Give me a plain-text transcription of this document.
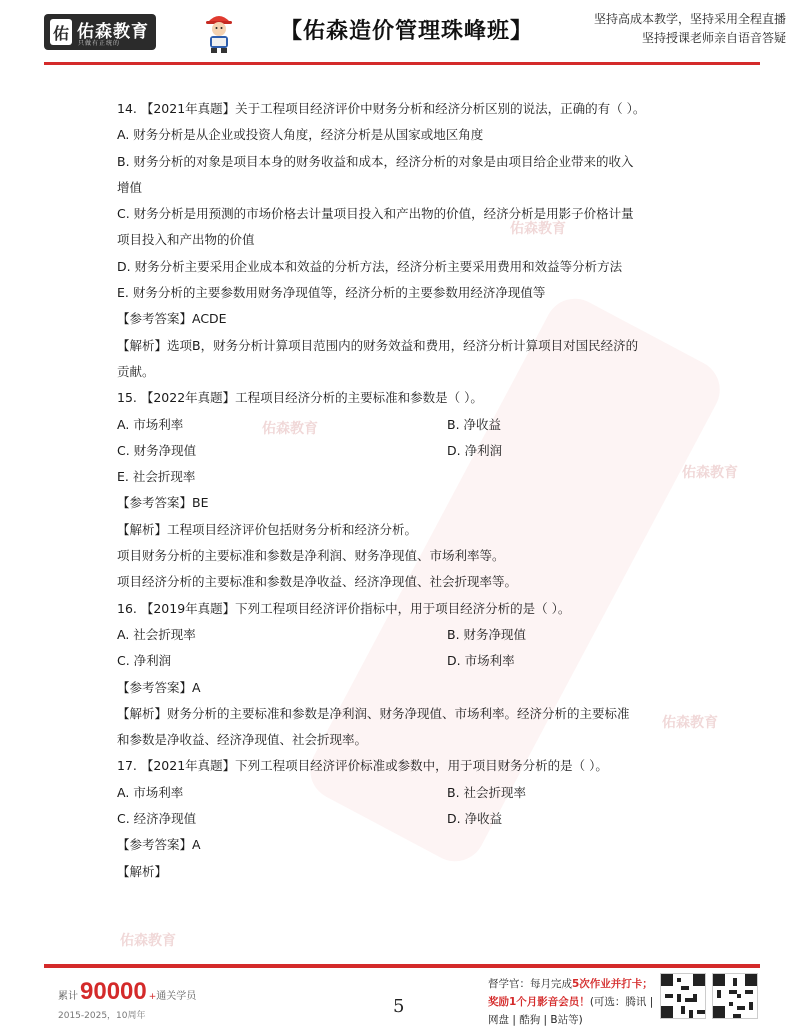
佑 佑森教育
只做有正统的	【佑森造价管理珠峰班】	坚持高成本教学，坚持采用全程直播
坚持授课老师亲自语音答疑
佑森教育
佑森教育
佑森教育
佑森教育
佑森教育
14. 【2021年真题】关于工程项目经济评价中财务分析和经济分析区别的说法，正确的有（ ）。
A. 财务分析是从企业或投资人角度，经济分析是从国家或地区角度
B. 财务分析的对象是项目本身的财务收益和成本，经济分析的对象是由项目给企业带来的收入
增值
C. 财务分析是用预测的市场价格去计量项目投入和产出物的价值，经济分析是用影子价格计量
项目投入和产出物的价值
D. 财务分析主要采用企业成本和效益的分析方法，经济分析主要采用费用和效益等分析方法
E. 财务分析的主要参数用财务净现值等，经济分析的主要参数用经济净现值等
【参考答案】ACDE
【解析】选项B，财务分析计算项目范围内的财务效益和费用，经济分析计算项目对国民经济的
贡献。
15. 【2022年真题】工程项目经济分析的主要标准和参数是（ ）。
A. 市场利率	B. 净收益
C. 财务净现值	D. 净利润
E. 社会折现率
【参考答案】BE
【解析】工程项目经济评价包括财务分析和经济分析。
项目财务分析的主要标准和参数是净利润、财务净现值、市场利率等。
项目经济分析的主要标准和参数是净收益、经济净现值、社会折现率等。
16. 【2019年真题】下列工程项目经济评价指标中，用于项目经济分析的是（ ）。
A. 社会折现率	B. 财务净现值
C. 净利润	D. 市场利率
【参考答案】A
【解析】财务分析的主要标准和参数是净利润、财务净现值、市场利率。经济分析的主要标准
和参数是净收益、经济净现值、社会折现率。
17. 【2021年真题】下列工程项目经济评价标准或参数中，用于项目财务分析的是（ ）。
A. 市场利率	B. 社会折现率
C. 经济净现值	D. 净收益
【参考答案】A
【解析】
累计 90000 + 通关学员
2015-2025，10周年	5
督学官：每月完成5次作业并打卡；
奖励1个月影音会员！(可选：腾讯 |
网盘 | 酷狗 | B站等)
